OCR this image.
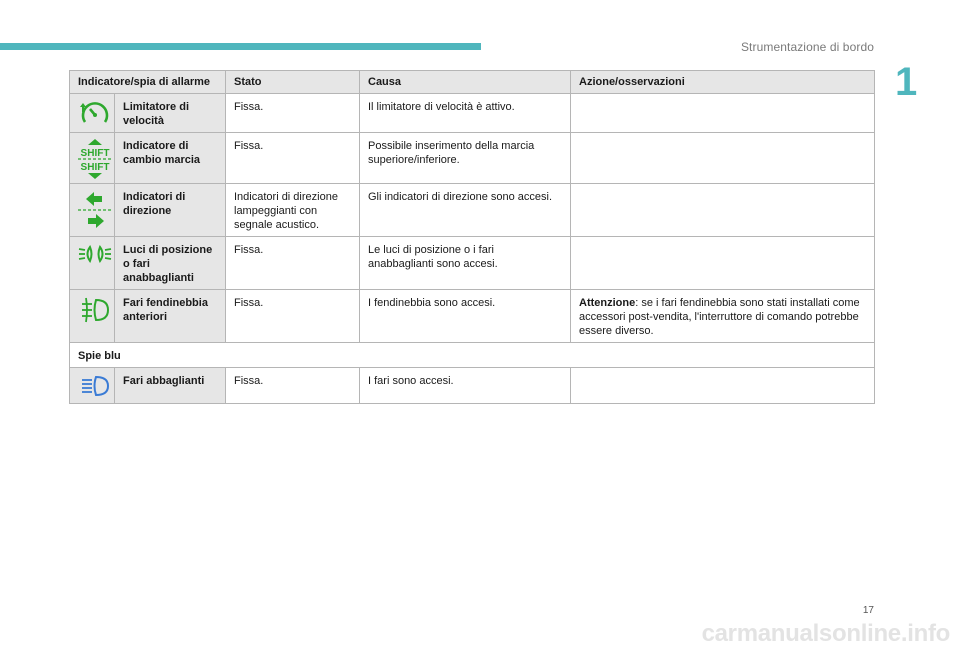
Strumentazione di bordo
1
Indicatore/spia di allarme		Stato	Causa	Azione/osservazioni

	Limitatore di velocità	Fissa.	Il limitatore di velocità è attivo.	

SHIFT
SHIFT	Indicatore di cambio marcia	Fissa.	Possibile inserimento della marcia superiore/inferiore.	

	Indicatori di direzione	Indicatori di direzione lampeggianti con segnale acustico.	Gli indicatori di direzione sono accesi.	

	Luci di posizione o fari anabbaglianti	Fissa.	Le luci di posizione o i fari anabbaglianti sono accesi.	

	Fari fendinebbia anteriori	Fissa.	I fendinebbia sono accesi.	Attenzione: se i fari fendinebbia sono stati installati come accessori post-vendita, l'interruttore di comando potrebbe essere diverso.
Spie blu				

	Fari abbaglianti	Fissa.	I fari sono accesi.	
17
carmanualsonline.info
